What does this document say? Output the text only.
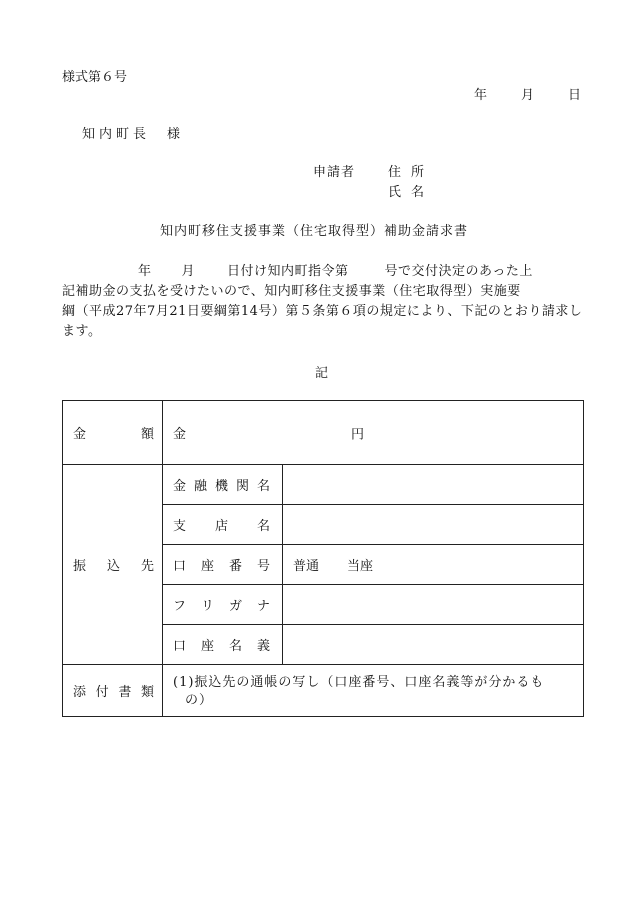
様式第６号
年	月	日
知内町長　様
申請者	住所
氏名
知内町移住支援事業（住宅取得型）補助金請求書
年 月 日付け知内町指令第	号で交付決定のあった上
記補助金の支払を受けたいので、知内町移住支援事業（住宅取得型）実施要
綱（平成27年7月21日要綱第14号）第５条第６項の規定により、下記のとおり請求し
ます。
記
金 額	金 円	

振 込 先	金 融 機 関 名	

	支 店 名	

	口 座 番 号	普通 当座

	フ リ ガ ナ	

	口 座 名 義	

添 付 書 類	(1)振込先の通帳の写し（口座番号、口座名義等が分かるも
の）	
